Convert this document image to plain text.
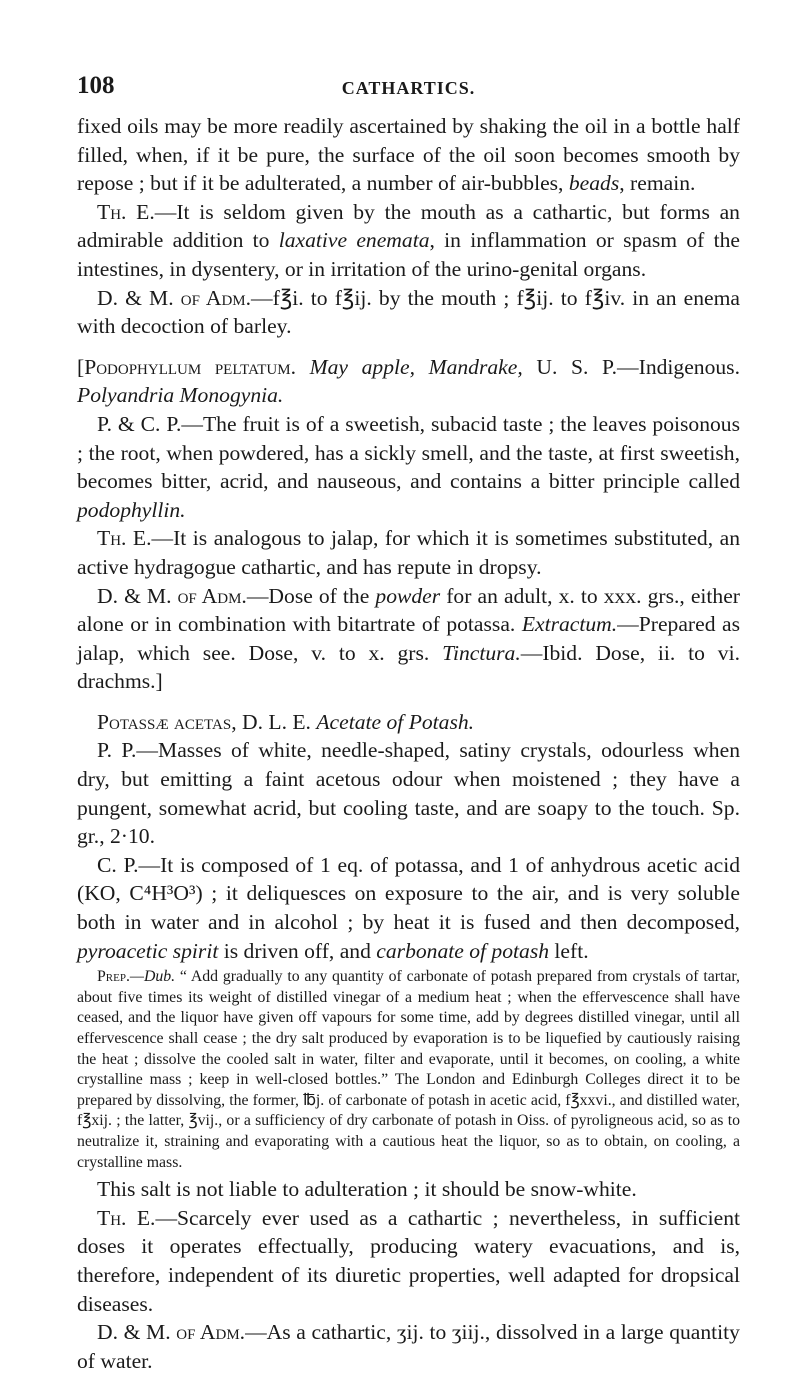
108	CATHARTICS.

fixed oils may be more readily ascertained by shaking the oil in a bottle half filled, when, if it be pure, the surface of the oil soon becomes smooth by repose ; but if it be adulterated, a number of air-bubbles, beads, remain.

Th. E.—It is seldom given by the mouth as a cathartic, but forms an admirable addition to laxative enemata, in inflammation or spasm of the intestines, in dysentery, or in irritation of the urino-genital organs.

D. & M. of Adm.—f℥i. to f℥ij. by the mouth ; f℥ij. to f℥iv. in an enema with decoction of barley.

[Podophyllum peltatum. May apple, Mandrake, U. S. P.—Indigenous. Polyandria Monogynia.

P. & C. P.—The fruit is of a sweetish, subacid taste ; the leaves poisonous ; the root, when powdered, has a sickly smell, and the taste, at first sweetish, becomes bitter, acrid, and nauseous, and contains a bitter principle called podophyllin.

Th. E.—It is analogous to jalap, for which it is sometimes substituted, an active hydragogue cathartic, and has repute in dropsy.

D. & M. of Adm.—Dose of the powder for an adult, x. to xxx. grs., either alone or in combination with bitartrate of potassa. Extractum.—Prepared as jalap, which see. Dose, v. to x. grs. Tinctura.—Ibid. Dose, ii. to vi. drachms.]

Potassæ acetas, D. L. E. Acetate of Potash.

P. P.—Masses of white, needle-shaped, satiny crystals, odourless when dry, but emitting a faint acetous odour when moistened ; they have a pungent, somewhat acrid, but cooling taste, and are soapy to the touch. Sp. gr., 2·10.

C. P.—It is composed of 1 eq. of potassa, and 1 of anhydrous acetic acid (KO, C⁴H³O³) ; it deliquesces on exposure to the air, and is very soluble both in water and in alcohol ; by heat it is fused and then decomposed, pyroacetic spirit is driven off, and carbonate of potash left.

Prep.—Dub. “ Add gradually to any quantity of carbonate of potash prepared from crystals of tartar, about five times its weight of distilled vinegar of a medium heat ; when the effervescence shall have ceased, and the liquor have given off vapours for some time, add by degrees distilled vinegar, until all effervescence shall cease ; the dry salt produced by evaporation is to be liquefied by cautiously raising the heat ; dissolve the cooled salt in water, filter and evaporate, until it becomes, on cooling, a white crystalline mass ; keep in well-closed bottles.” The London and Edinburgh Colleges direct it to be prepared by dissolving, the former, ℔j. of carbonate of potash in acetic acid, f℥xxvi., and distilled water, f℥xij. ; the latter, ℥vij., or a sufficiency of dry carbonate of potash in Oiss. of pyroligneous acid, so as to neutralize it, straining and evaporating with a cautious heat the liquor, so as to obtain, on cooling, a crystalline mass.

This salt is not liable to adulteration ; it should be snow-white.

Th. E.—Scarcely ever used as a cathartic ; nevertheless, in sufficient doses it operates effectually, producing watery evacuations, and is, therefore, independent of its diuretic properties, well adapted for dropsical diseases.

D. & M. of Adm.—As a cathartic, ʒij. to ʒiij., dissolved in a large quantity of water.
